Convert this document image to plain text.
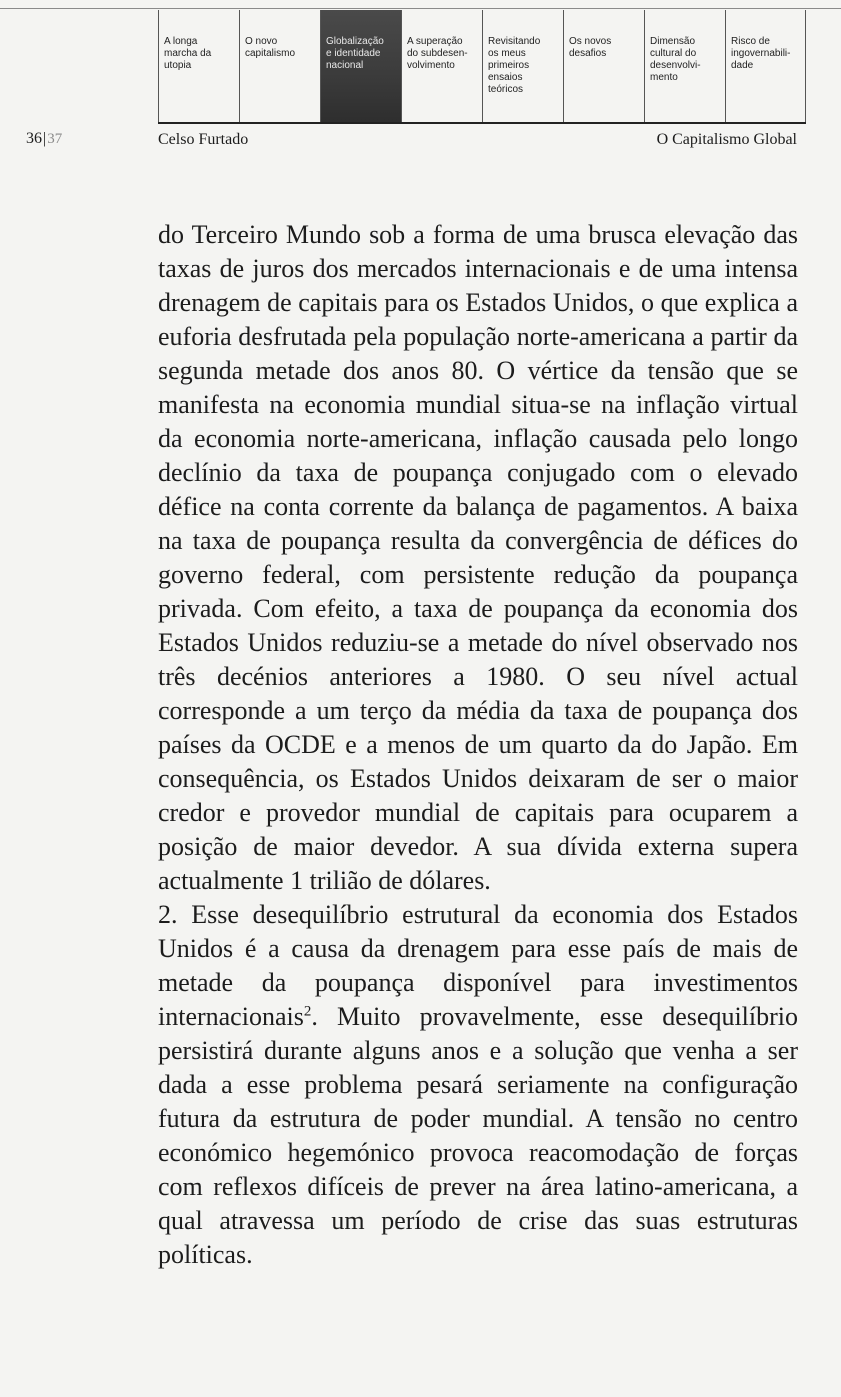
A longa
marcha da
utopia
O novo
capitalismo
Globalização
e identidade
nacional
A superação
do subdesen-
volvimento
Revisitando
os meus
primeiros
ensaios
teóricos
Os novos
desafios
Dimensão
cultural do
desenvolvi-
mento
Risco de
ingovernabili-
dade
36|37	Celso Furtado	O Capitalismo Global

do Terceiro Mundo sob a forma de uma brusca elevação das taxas de juros dos mercados internacionais e de uma intensa drenagem de capitais para os Estados Unidos, o que explica a euforia desfrutada pela população norte-americana a partir da segunda metade dos anos 80. O vértice da tensão que se manifesta na economia mundial situa-se na inflação virtual da economia norte-americana, inflação causada pelo longo declínio da taxa de poupança conjugado com o elevado défice na conta corrente da balança de pagamentos. A baixa na taxa de poupança resulta da convergência de défices do governo federal, com persistente redução da poupança privada. Com efeito, a taxa de poupança da economia dos Estados Unidos reduziu-se a metade do nível observado nos três decénios anteriores a 1980. O seu nível actual corresponde a um terço da média da taxa de poupança dos países da OCDE e a menos de um quarto da do Japão. Em consequência, os Estados Unidos deixaram de ser o maior credor e provedor mundial de capitais para ocuparem a posição de maior devedor. A sua dívida externa supera actualmente 1 trilião de dólares.

2. Esse desequilíbrio estrutural da economia dos Estados Unidos é a causa da drenagem para esse país de mais de metade da poupança disponível para investimentos internacionais$^2$. Muito provavelmente, esse desequilíbrio persistirá durante alguns anos e a solução que venha a ser dada a esse problema pesará seriamente na configuração futura da estrutura de poder mundial. A tensão no centro económico hegemónico provoca reacomodação de forças com reflexos difíceis de prever na área latino-americana, a qual atravessa um período de crise das suas estruturas políticas.
